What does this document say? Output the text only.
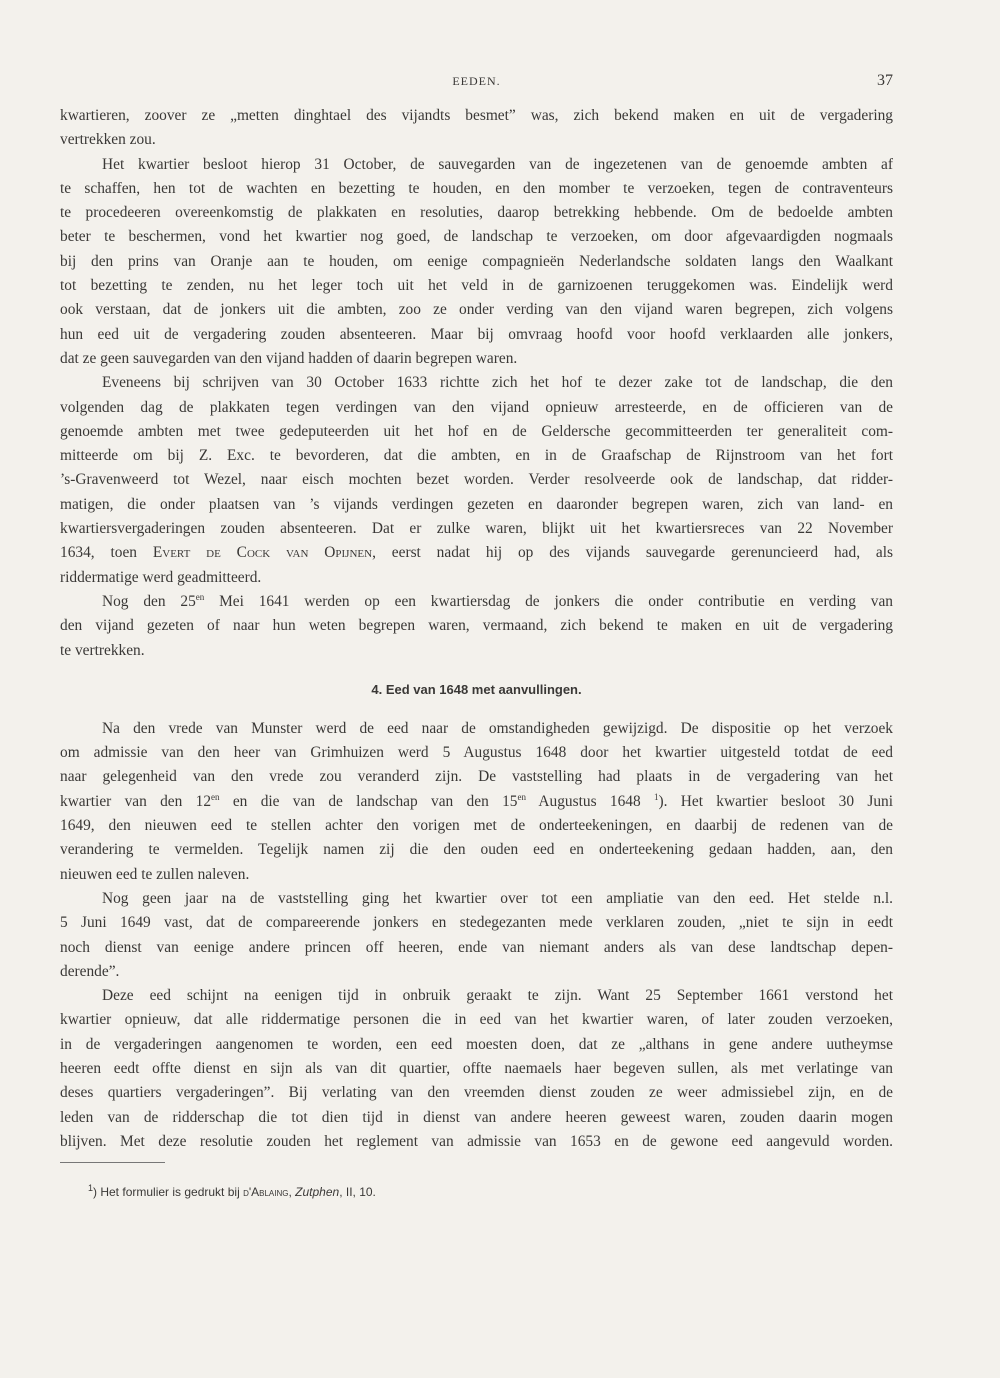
EEDEN.	37
kwartieren, zoover ze „metten dinghtael des vijandts besmet” was, zich bekend maken en uit de vergadering
vertrekken zou.
Het kwartier besloot hierop 31 October, de sauvegarden van de ingezetenen van de genoemde ambten af
te schaffen, hen tot de wachten en bezetting te houden, en den momber te verzoeken, tegen de contraventeurs
te procedeeren overeenkomstig de plakkaten en resoluties, daarop betrekking hebbende. Om de bedoelde ambten
beter te beschermen, vond het kwartier nog goed, de landschap te verzoeken, om door afgevaardigden nogmaals
bij den prins van Oranje aan te houden, om eenige compagnieën Nederlandsche soldaten langs den Waalkant
tot bezetting te zenden, nu het leger toch uit het veld in de garnizoenen teruggekomen was. Eindelijk werd
ook verstaan, dat de jonkers uit die ambten, zoo ze onder verding van den vijand waren begrepen, zich volgens
hun eed uit de vergadering zouden absenteeren. Maar bij omvraag hoofd voor hoofd verklaarden alle jonkers,
dat ze geen sauvegarden van den vijand hadden of daarin begrepen waren.
Eveneens bij schrijven van 30 October 1633 richtte zich het hof te dezer zake tot de landschap, die den
volgenden dag de plakkaten tegen verdingen van den vijand opnieuw arresteerde, en de officieren van de
genoemde ambten met twee gedeputeerden uit het hof en de Geldersche gecommitteerden ter generaliteit com-
mitteerde om bij Z. Exc. te bevorderen, dat die ambten, en in de Graafschap de Rijnstroom van het fort
’s-Gravenweerd tot Wezel, naar eisch mochten bezet worden. Verder resolveerde ook de landschap, dat ridder-
matigen, die onder plaatsen van ’s vijands verdingen gezeten en daaronder begrepen waren, zich van land- en
kwartiersvergaderingen zouden absenteeren. Dat er zulke waren, blijkt uit het kwartiersreces van 22 November
1634, toen Evert de Cock van Opijnen, eerst nadat hij op des vijands sauvegarde gerenuncieerd had, als
riddermatige werd geadmitteerd.
Nog den $25^{en}$ Mei 1641 werden op een kwartiersdag de jonkers die onder contributie en verding van
den vijand gezeten of naar hun weten begrepen waren, vermaand, zich bekend te maken en uit de vergadering
te vertrekken.
4. Eed van 1648 met aanvullingen.
Na den vrede van Munster werd de eed naar de omstandigheden gewijzigd. De dispositie op het verzoek
om admissie van den heer van Grimhuizen werd 5 Augustus 1648 door het kwartier uitgesteld totdat de eed
naar gelegenheid van den vrede zou veranderd zijn. De vaststelling had plaats in de vergadering van het
kwartier van den $12^{en}$ en die van de landschap van den $15^{en}$ Augustus 1648 $^1$). Het kwartier besloot 30 Juni
1649, den nieuwen eed te stellen achter den vorigen met de onderteekeningen, en daarbij de redenen van de
verandering te vermelden. Tegelijk namen zij die den ouden eed en onderteekening gedaan hadden, aan, den
nieuwen eed te zullen naleven.
Nog geen jaar na de vaststelling ging het kwartier over tot een ampliatie van den eed. Het stelde n.l.
5 Juni 1649 vast, dat de compareerende jonkers en stedegezanten mede verklaren zouden, „niet te sijn in eedt
noch dienst van eenige andere princen off heeren, ende van niemant anders als van dese landtschap depen-
derende”.
Deze eed schijnt na eenigen tijd in onbruik geraakt te zijn. Want 25 September 1661 verstond het
kwartier opnieuw, dat alle riddermatige personen die in eed van het kwartier waren, of later zouden verzoeken,
in de vergaderingen aangenomen te worden, een eed moesten doen, dat ze „althans in gene andere uutheymse
heeren eedt offte dienst en sijn als van dit quartier, offte naemaels haer begeven sullen, als met verlatinge van
deses quartiers vergaderingen”. Bij verlating van den vreemden dienst zouden ze weer admissiebel zijn, en de
leden van de ridderschap die tot dien tijd in dienst van andere heeren geweest waren, zouden daarin mogen
blijven. Met deze resolutie zouden het reglement van admissie van 1653 en de gewone eed aangevuld worden.
$^1$) Het formulier is gedrukt bij d'Ablaing, Zutphen, II, 10.
